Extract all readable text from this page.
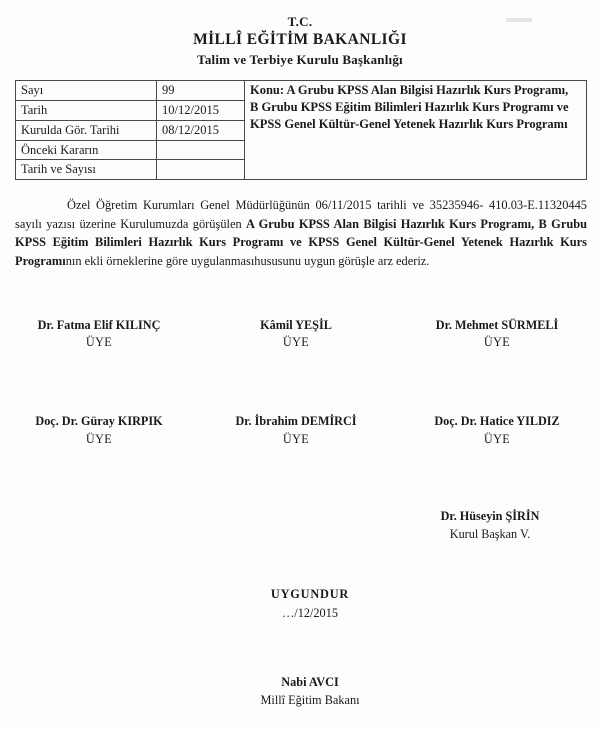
T.C.
MİLLÎ EĞİTİM BAKANLIĞI
Talim ve Terbiye Kurulu Başkanlığı
Sayı	99	Konu: A Grubu KPSS Alan Bilgisi Hazırlık Kurs Programı,
B Grubu KPSS Eğitim Bilimleri Hazırlık Kurs Programı ve
KPSS Genel Kültür-Genel Yetenek Hazırlık Kurs Programı

Tarih	10/12/2015	
Kurulda Gör. Tarihi	08/12/2015	
Önceki Kararın		
Tarih ve Sayısı		

Özel Öğretim Kurumları Genel Müdürlüğünün 06/11/2015 tarihli ve 35235946- 410.03-E.11320445 sayılı yazısı üzerine Kurulumuzda görüşülen A Grubu KPSS Alan Bilgisi Hazırlık Kurs Programı, B Grubu KPSS Eğitim Bilimleri Hazırlık Kurs Programı ve KPSS Genel Kültür-Genel Yetenek Hazırlık Kurs Programının ekli örneklerine göre uygulanmasıhususunu uygun görüşle arz ederiz.

Dr. Fatma Elif KILINÇ
ÜYE
Kâmil YEŞİL
ÜYE
Dr. Mehmet SÜRMELİ
ÜYE
Doç. Dr. Güray KIRPIK
ÜYE
Dr. İbrahim DEMİRCİ
ÜYE
Doç. Dr. Hatice YILDIZ
ÜYE
Dr. Hüseyin ŞİRİN
Kurul Başkan V.
UYGUNDUR
…/12/2015
Nabi AVCI
Millî Eğitim Bakanı
